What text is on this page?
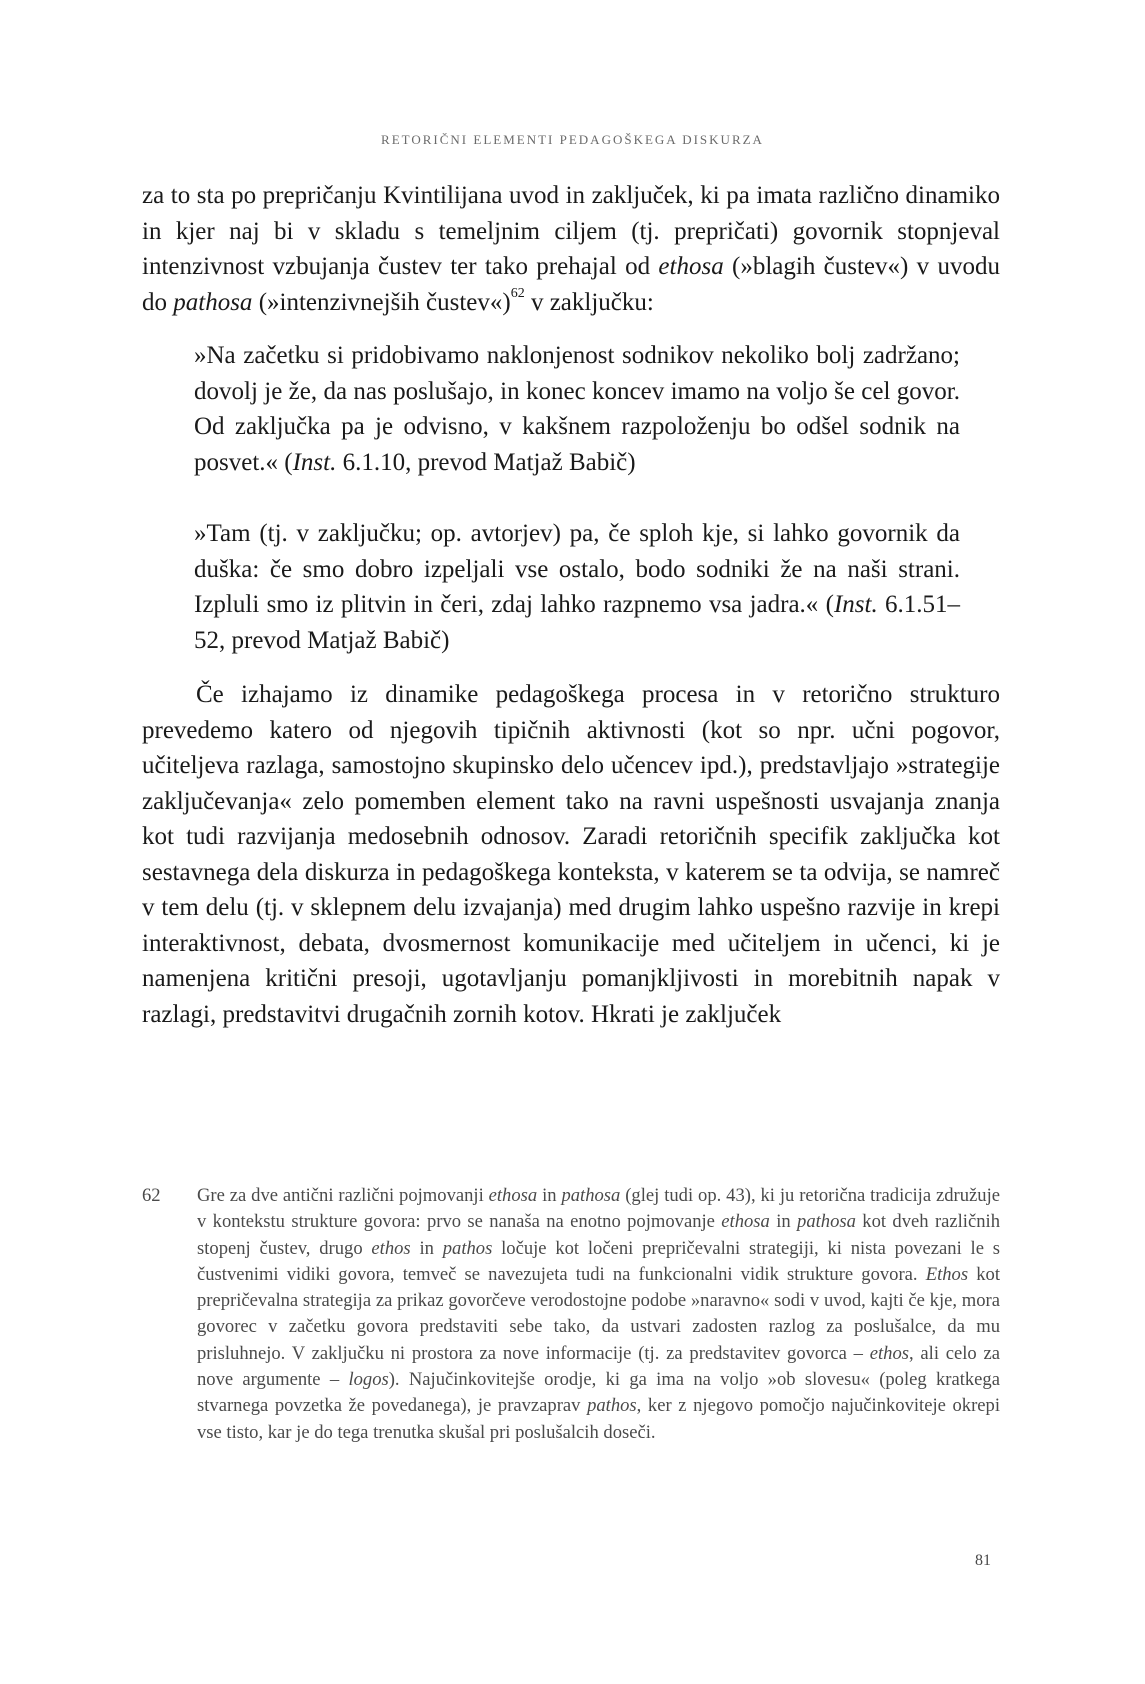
RETORIČNI ELEMENTI PEDAGOŠKEGA DISKURZA

za to sta po prepričanju Kvintilijana uvod in zaključek, ki pa imata različno dinamiko in kjer naj bi v skladu s temeljnim ciljem (tj. prepričati) govornik stopnjeval intenzivnost vzbujanja čustev ter tako prehajal od ethosa (»blagih čustev«) v uvodu do pathosa (»intenzivnejših čustev«)$^{62}$ v zaključku:

»Na začetku si pridobivamo naklonjenost sodnikov nekoliko bolj zadržano; dovolj je že, da nas poslušajo, in konec koncev imamo na voljo še cel govor. Od zaključka pa je odvisno, v kakšnem razpoloženju bo odšel sodnik na posvet.« (Inst. 6.1.10, prevod Matjaž Babič)

»Tam (tj. v zaključku; op. avtorjev) pa, če sploh kje, si lahko govornik da duška: če smo dobro izpeljali vse ostalo, bodo sodniki že na naši strani. Izpluli smo iz plitvin in čeri, zdaj lahko razpnemo vsa jadra.« (Inst. 6.1.51–52, prevod Matjaž Babič)

Če izhajamo iz dinamike pedagoškega procesa in v retorično strukturo prevedemo katero od njegovih tipičnih aktivnosti (kot so npr. učni pogovor, učiteljeva razlaga, samostojno skupinsko delo učencev ipd.), predstavljajo »strategije zaključevanja« zelo pomemben element tako na ravni uspešnosti usvajanja znanja kot tudi razvijanja medosebnih odnosov. Zaradi retoričnih specifik zaključka kot sestavnega dela diskurza in pedagoškega konteksta, v katerem se ta odvija, se namreč v tem delu (tj. v sklepnem delu izvajanja) med drugim lahko uspešno razvije in krepi interaktivnost, debata, dvosmernost komunikacije med učiteljem in učenci, ki je namenjena kritični presoji, ugotavljanju pomanjkljivosti in morebitnih napak v razlagi, predstavitvi drugačnih zornih kotov. Hkrati je zaključek

62	Gre za dve antični različni pojmovanji ethosa in pathosa (glej tudi op. 43), ki ju retorična tradicija združuje v kontekstu strukture govora: prvo se nanaša na enotno pojmovanje ethosa in pathosa kot dveh različnih stopenj čustev, drugo ethos in pathos ločuje kot ločeni prepričevalni strategiji, ki nista povezani le s čustvenimi vidiki govora, temveč se navezujeta tudi na funkcionalni vidik strukture govora. Ethos kot prepričevalna strategija za prikaz govorčeve verodostojne podobe »naravno« sodi v uvod, kajti če kje, mora govorec v začetku govora predstaviti sebe tako, da ustvari zadosten razlog za poslušalce, da mu prisluhnejo. V zaključku ni prostora za nove informacije (tj. za predstavitev govorca – ethos, ali celo za nove argumente – logos). Najučinkovitejše orodje, ki ga ima na voljo »ob slovesu« (poleg kratkega stvarnega povzetka že povedanega), je pravzaprav pathos, ker z njegovo pomočjo najučinkoviteje okrepi vse tisto, kar je do tega trenutka skušal pri poslušalcih doseči.
81
